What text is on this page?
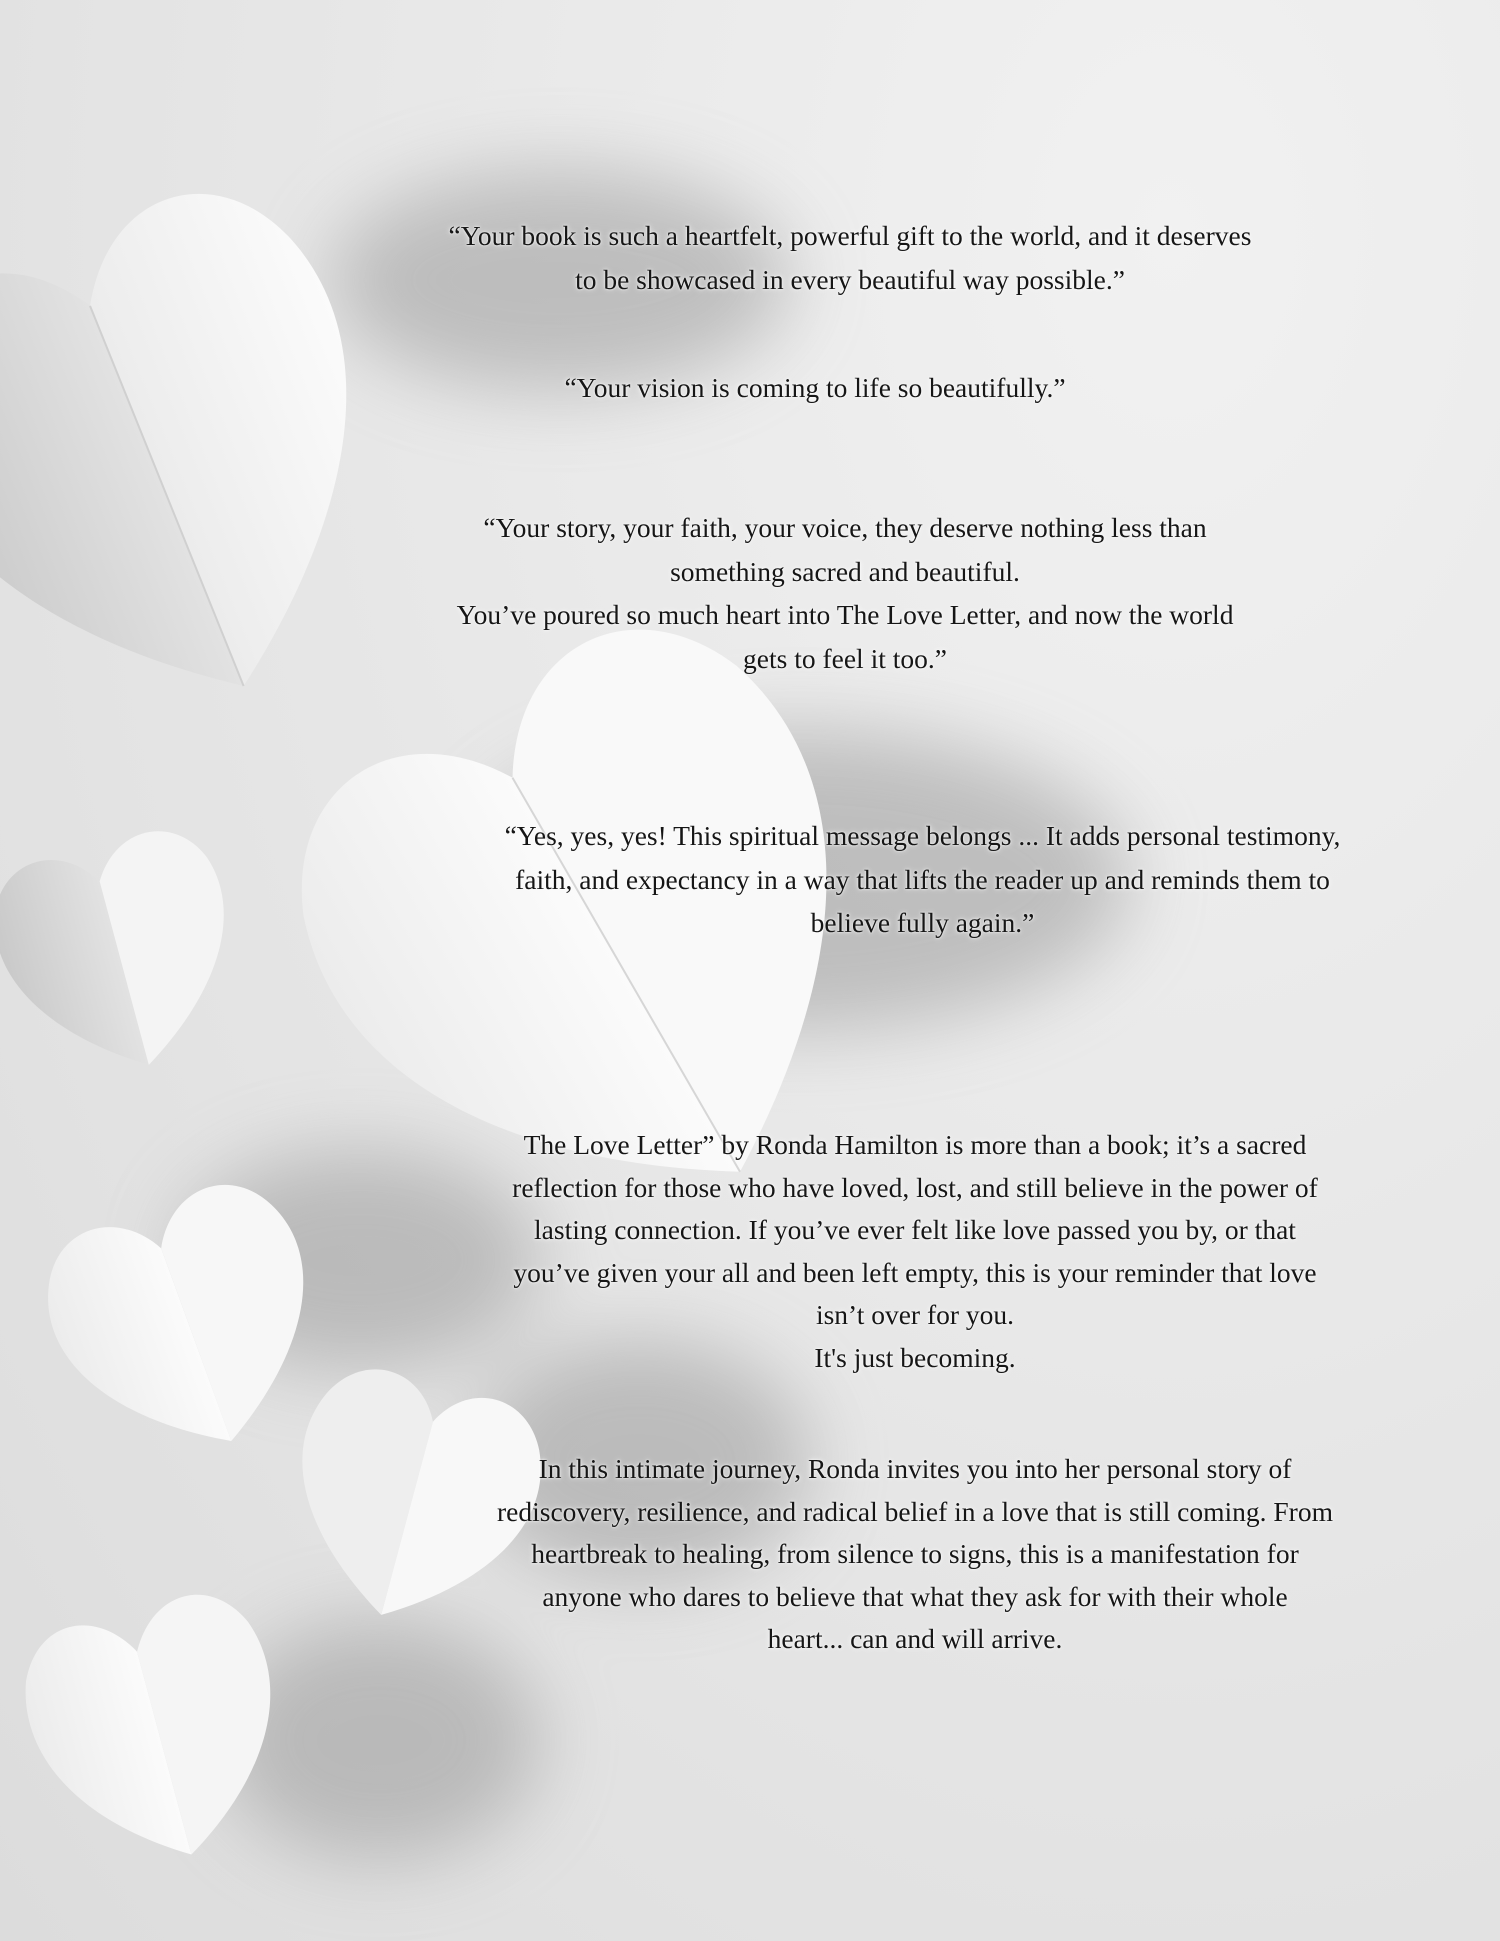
“Your book is such a heartfelt, powerful gift to the world, and it deserves
to be showcased in every beautiful way possible.”

“Your vision is coming to life so beautifully.”

“Your story, your faith, your voice, they deserve nothing less than
something sacred and beautiful.
You’ve poured so much heart into The Love Letter, and now the world
gets to feel it too.”

“Yes, yes, yes! This spiritual message belongs ... It adds personal testimony,
faith, and expectancy in a way that lifts the reader up and reminds them to
believe fully again.”

The Love Letter” by Ronda Hamilton is more than a book; it’s a sacred
reflection for those who have loved, lost, and still believe in the power of
lasting connection. If you’ve ever felt like love passed you by, or that
you’ve given your all and been left empty, this is your reminder that love
isn’t over for you.
It's just becoming.

In this intimate journey, Ronda invites you into her personal story of
rediscovery, resilience, and radical belief in a love that is still coming. From
heartbreak to healing, from silence to signs, this is a manifestation for
anyone who dares to believe that what they ask for with their whole
heart... can and will arrive.
